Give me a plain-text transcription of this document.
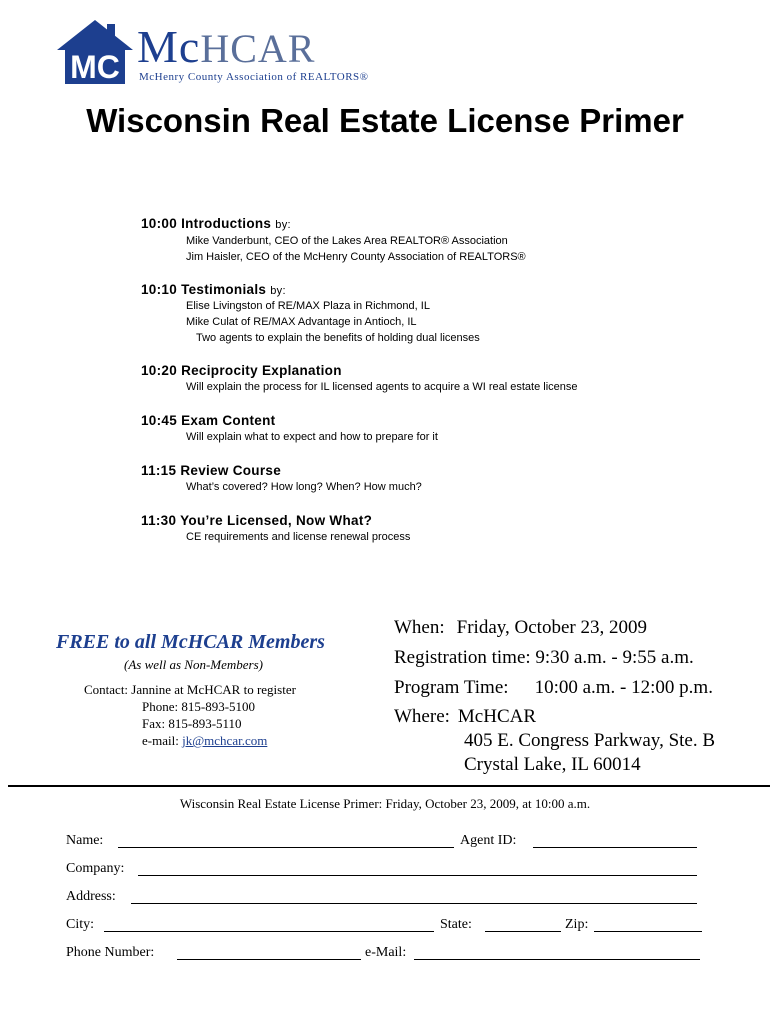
MC McHCAR
McHenry County Association of REALTORS®
Wisconsin Real Estate License Primer
10:00 Introductions by:
Mike Vanderbunt, CEO of the Lakes Area REALTOR® Association
Jim Haisler, CEO of the McHenry County Association of REALTORS®
10:10 Testimonials by:
Elise Livingston of RE/MAX Plaza in Richmond, IL
Mike Culat of RE/MAX Advantage in Antioch, IL
Two agents to explain the benefits of holding dual licenses
10:20 Reciprocity Explanation
Will explain the process for IL licensed agents to acquire a WI real estate license
10:45 Exam Content
Will explain what to expect and how to prepare for it
11:15 Review Course
What’s covered? How long? When? How much?
11:30 You’re Licensed, Now What?
CE requirements and license renewal process
FREE to all McHCAR Members
(As well as Non-Members)
Contact: Jannine at McHCAR to register
Phone: 815-893-5100
Fax: 815-893-5110
e-mail: jk@mchcar.com
When: Friday, October 23, 2009
Registration time: 9:30 a.m. - 9:55 a.m.
Program Time: 10:00 a.m. - 12:00 p.m.
Where: McHCAR
405 E. Congress Parkway, Ste. B
Crystal Lake, IL 60014
Wisconsin Real Estate License Primer: Friday, October 23, 2009, at 10:00 a.m.
Name:	Agent ID:
Company:
Address:
City:	State:	Zip:
Phone Number:	e-Mail:
